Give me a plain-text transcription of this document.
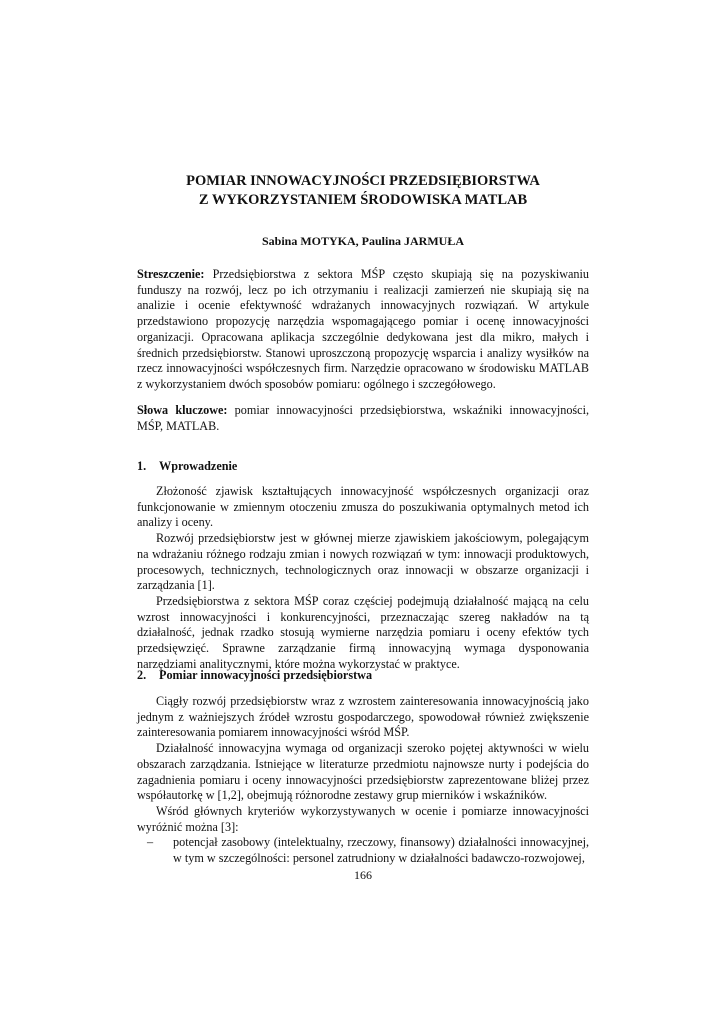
POMIAR INNOWACYJNOŚCI PRZEDSIĘBIORSTWA
Z WYKORZYSTANIEM ŚRODOWISKA MATLAB
Sabina MOTYKA, Paulina JARMUŁA

Streszczenie: Przedsiębiorstwa z sektora MŚP często skupiają się na pozyskiwaniu funduszy na rozwój, lecz po ich otrzymaniu i realizacji zamierzeń nie skupiają się na analizie i ocenie efektywność wdrażanych innowacyjnych rozwiązań. W artykule przedstawiono propozycję narzędzia wspomagającego pomiar i ocenę innowacyjności organizacji. Opracowana aplikacja szczególnie dedykowana jest dla mikro, małych i średnich przedsiębiorstw. Stanowi uproszczoną propozycję wsparcia i analizy wysiłków na rzecz innowacyjności współczesnych firm. Narzędzie opracowano w środowisku MATLAB z wykorzystaniem dwóch sposobów pomiaru: ogólnego i szczegółowego.

Słowa kluczowe: pomiar innowacyjności przedsiębiorstwa, wskaźniki innowacyjności, MŚP, MATLAB.

1. Wprowadzenie

Złożoność zjawisk kształtujących innowacyjność współczesnych organizacji oraz funkcjonowanie w zmiennym otoczeniu zmusza do poszukiwania optymalnych metod ich analizy i oceny.

Rozwój przedsiębiorstw jest w głównej mierze zjawiskiem jakościowym, polegającym na wdrażaniu różnego rodzaju zmian i nowych rozwiązań w tym: innowacji produktowych, procesowych, technicznych, technologicznych oraz innowacji w obszarze organizacji i zarządzania [1].

Przedsiębiorstwa z sektora MŚP coraz częściej podejmują działalność mającą na celu wzrost innowacyjności i konkurencyjności, przeznaczając szereg nakładów na tą działalność, jednak rzadko stosują wymierne narzędzia pomiaru i oceny efektów tych przedsięwzięć. Sprawne zarządzanie firmą innowacyjną wymaga dysponowania narzędziami analitycznymi, które można wykorzystać w praktyce.

2. Pomiar innowacyjności przedsiębiorstwa

Ciągły rozwój przedsiębiorstw wraz z wzrostem zainteresowania innowacyjnością jako jednym z ważniejszych źródeł wzrostu gospodarczego, spowodował również zwiększenie zainteresowania pomiarem innowacyjności wśród MŚP.

Działalność innowacyjna wymaga od organizacji szeroko pojętej aktywności w wielu obszarach zarządzania. Istniejące w literaturze przedmiotu najnowsze nurty i podejścia do zagadnienia pomiaru i oceny innowacyjności przedsiębiorstw zaprezentowane bliżej przez współautorkę w [1,2], obejmują różnorodne zestawy grup mierników i wskaźników.

Wśród głównych kryteriów wykorzystywanych w ocenie i pomiarze innowacyjności wyróżnić można [3]:

– potencjał zasobowy (intelektualny, rzeczowy, finansowy) działalności innowacyjnej, w tym w szczególności: personel zatrudniony w działalności badawczo-rozwojowej,
166
